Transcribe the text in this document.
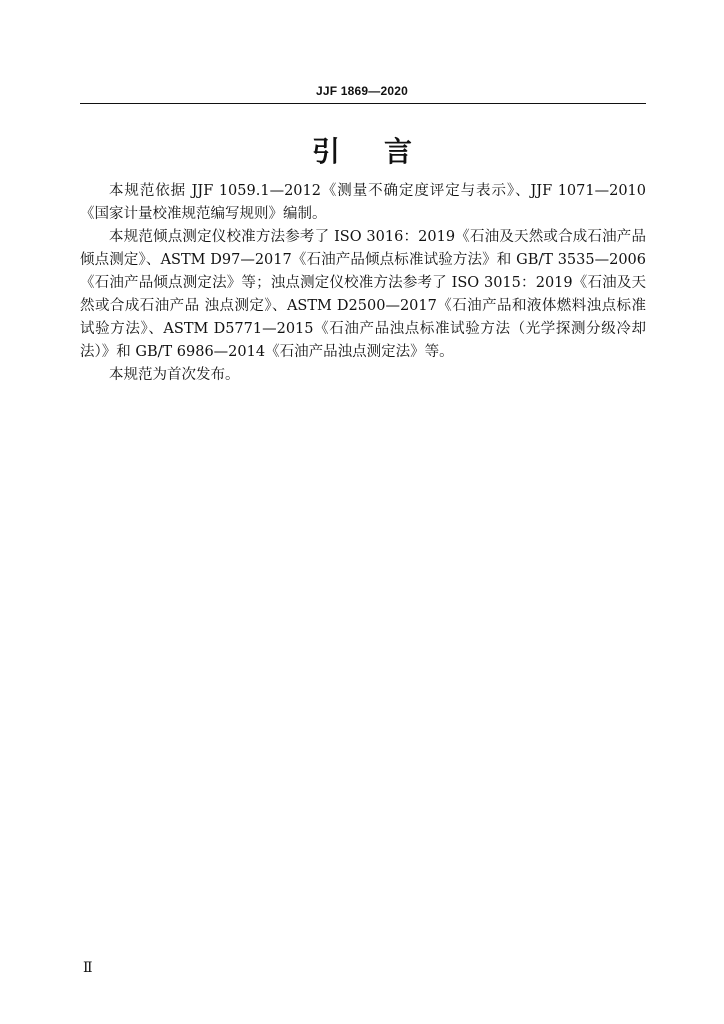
JJF 1869—2020
引言

本规范依据 JJF 1059.1—2012《测量不确定度评定与表示》、JJF 1071—2010《国家计量校准规范编写规则》编制。

本规范倾点测定仪校准方法参考了 ISO 3016：2019《石油及天然或合成石油产品 倾点测定》、ASTM D97—2017《石油产品倾点标准试验方法》和 GB/T 3535—2006《石油产品倾点测定法》等；浊点测定仪校准方法参考了 ISO 3015：2019《石油及天然或合成石油产品 浊点测定》、ASTM D2500—2017《石油产品和液体燃料浊点标准试验方法》、ASTM D5771—2015《石油产品浊点标准试验方法（光学探测分级冷却法）》和 GB/T 6986—2014《石油产品浊点测定法》等。

本规范为首次发布。

Ⅱ
